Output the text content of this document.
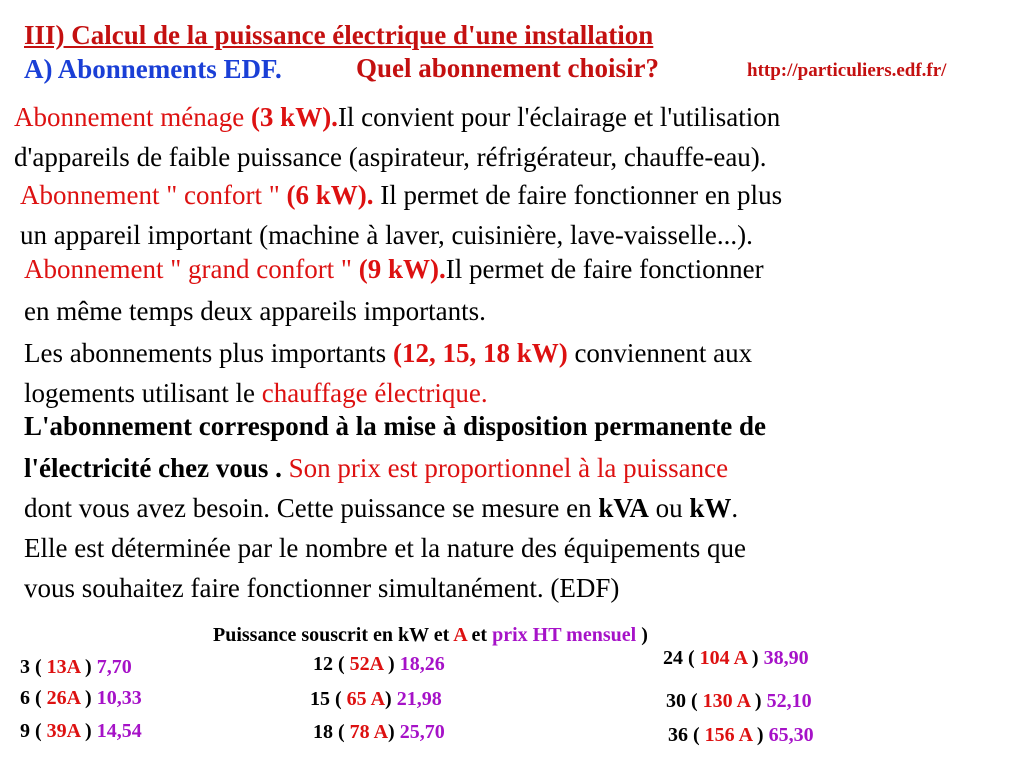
III) Calcul de la puissance électrique d'une installation
A) Abonnements EDF.	Quel abonnement choisir?	http://particuliers.edf.fr/
Abonnement ménage (3 kW).Il convient pour l'éclairage et l'utilisation
d'appareils de faible puissance (aspirateur, réfrigérateur, chauffe-eau).
Abonnement " confort " (6 kW). Il permet de faire fonctionner en plus
un appareil important (machine à laver, cuisinière, lave-vaisselle...).
Abonnement " grand confort " (9 kW).Il permet de faire fonctionner
en même temps deux appareils importants.
Les abonnements plus importants (12, 15, 18 kW) conviennent aux
logements utilisant le chauffage électrique.
L'abonnement correspond à la mise à disposition permanente de
l'électricité chez vous . Son prix est proportionnel à la puissance
dont vous avez besoin. Cette puissance se mesure en kVA ou kW.
Elle est déterminée par le nombre et la nature des équipements que
vous souhaitez faire fonctionner simultanément. (EDF)
Puissance souscrit en kW et A et prix HT mensuel )
3 ( 13A ) 7,70
6 ( 26A ) 10,33
9 ( 39A ) 14,54
12 ( 52A ) 18,26
15 ( 65 A) 21,98
18 ( 78 A) 25,70
24 ( 104 A ) 38,90
30 ( 130 A ) 52,10
36 ( 156 A ) 65,30
